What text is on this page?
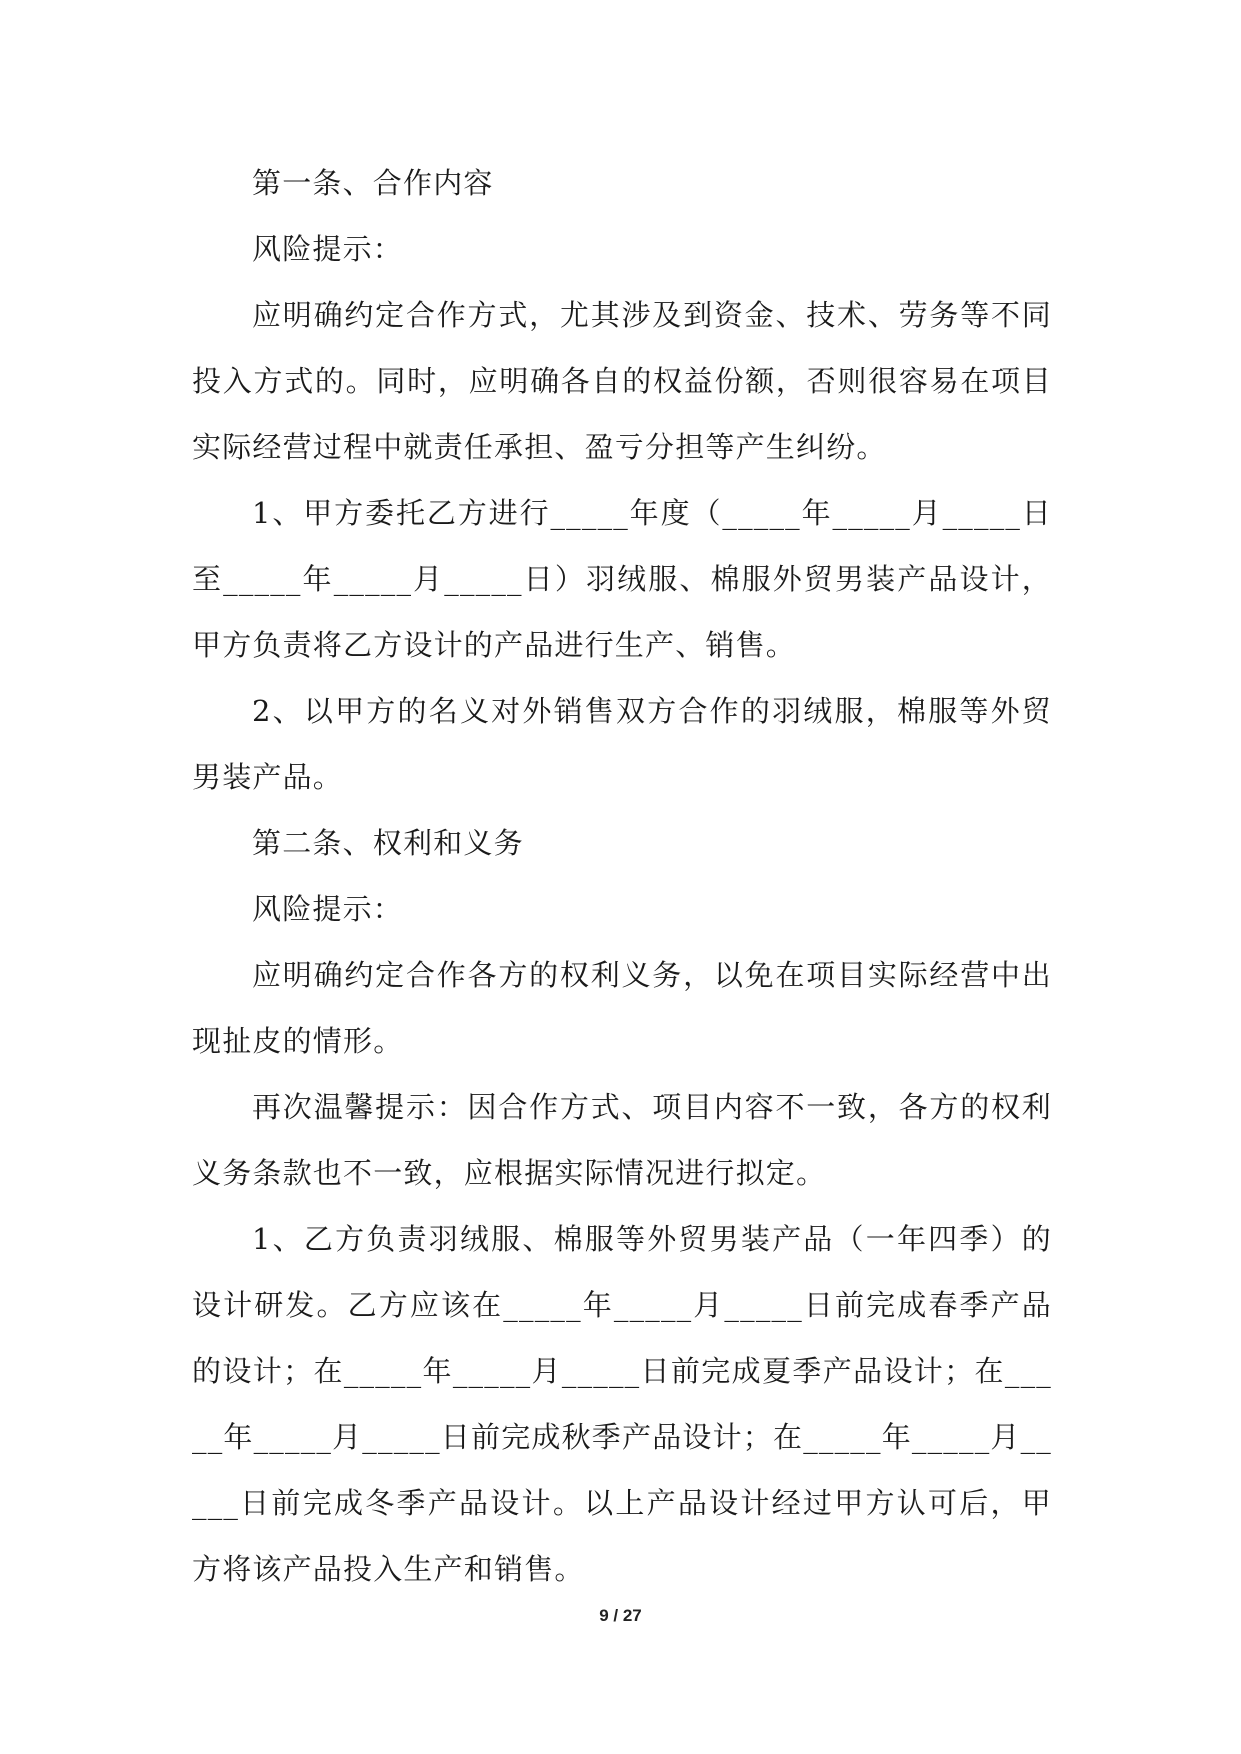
第一条、合作内容

风险提示：

应明确约定合作方式，尤其涉及到资金、技术、劳务等不同投入方式的。同时，应明确各自的权益份额，否则很容易在项目实际经营过程中就责任承担、盈亏分担等产生纠纷。

1、甲方委托乙方进行_____年度（_____年_____月_____日至_____年_____月_____日）羽绒服、棉服外贸男装产品设计，甲方负责将乙方设计的产品进行生产、销售。

2、以甲方的名义对外销售双方合作的羽绒服，棉服等外贸男装产品。

第二条、权利和义务

风险提示：

应明确约定合作各方的权利义务，以免在项目实际经营中出现扯皮的情形。

再次温馨提示：因合作方式、项目内容不一致，各方的权利义务条款也不一致，应根据实际情况进行拟定。

1、乙方负责羽绒服、棉服等外贸男装产品（一年四季）的设计研发。乙方应该在_____年_____月_____日前完成春季产品的设计；在_____年_____月_____日前完成夏季产品设计；在_____年_____月_____日前完成秋季产品设计；在_____年_____月_____日前完成冬季产品设计。以上产品设计经过甲方认可后，甲方将该产品投入生产和销售。

9 / 27
